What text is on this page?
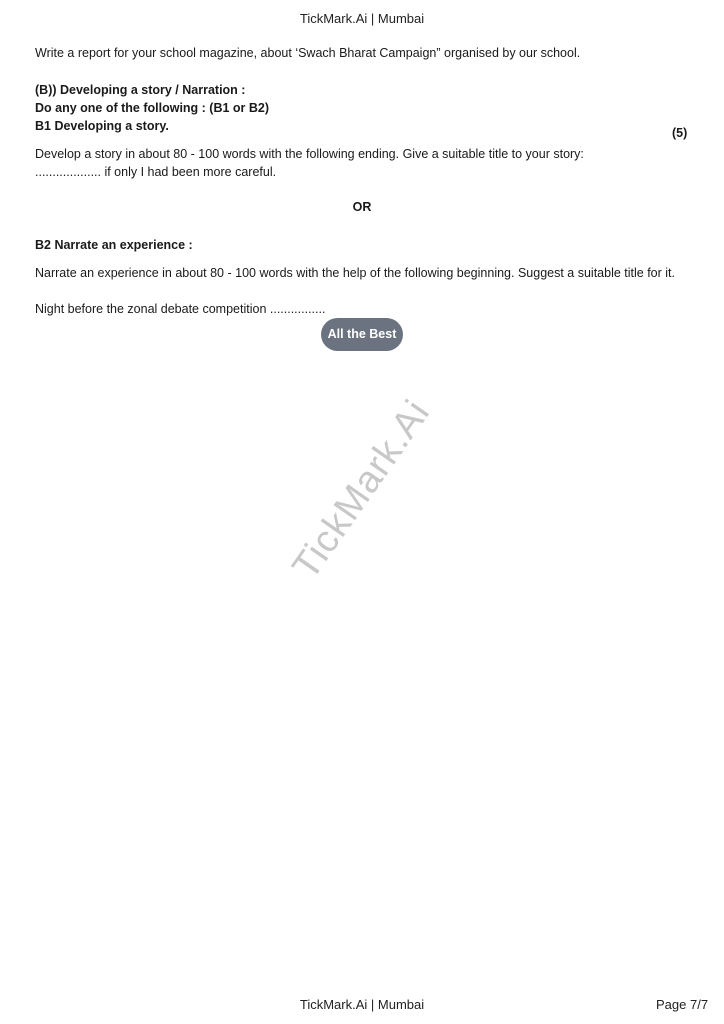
TickMark.Ai | Mumbai
Write a report for your school magazine, about ‘Swach Bharat Campaign” organised by our school.
(B)) Developing a story / Narration :
Do any one of the following : (B1 or B2)
B1 Developing a story.
Develop a story in about 80 - 100 words with the following ending. Give a suitable title to your story:
................... if only I had been more careful.
B2 Narrate an experience :
Narrate an experience in about 80 - 100 words with the help of the following beginning. Suggest a suitable title for it.
Night before the zonal debate competition ................
(5)
OR
All the Best
TickMark.Ai
TickMark.Ai | Mumbai	Page 7/7
